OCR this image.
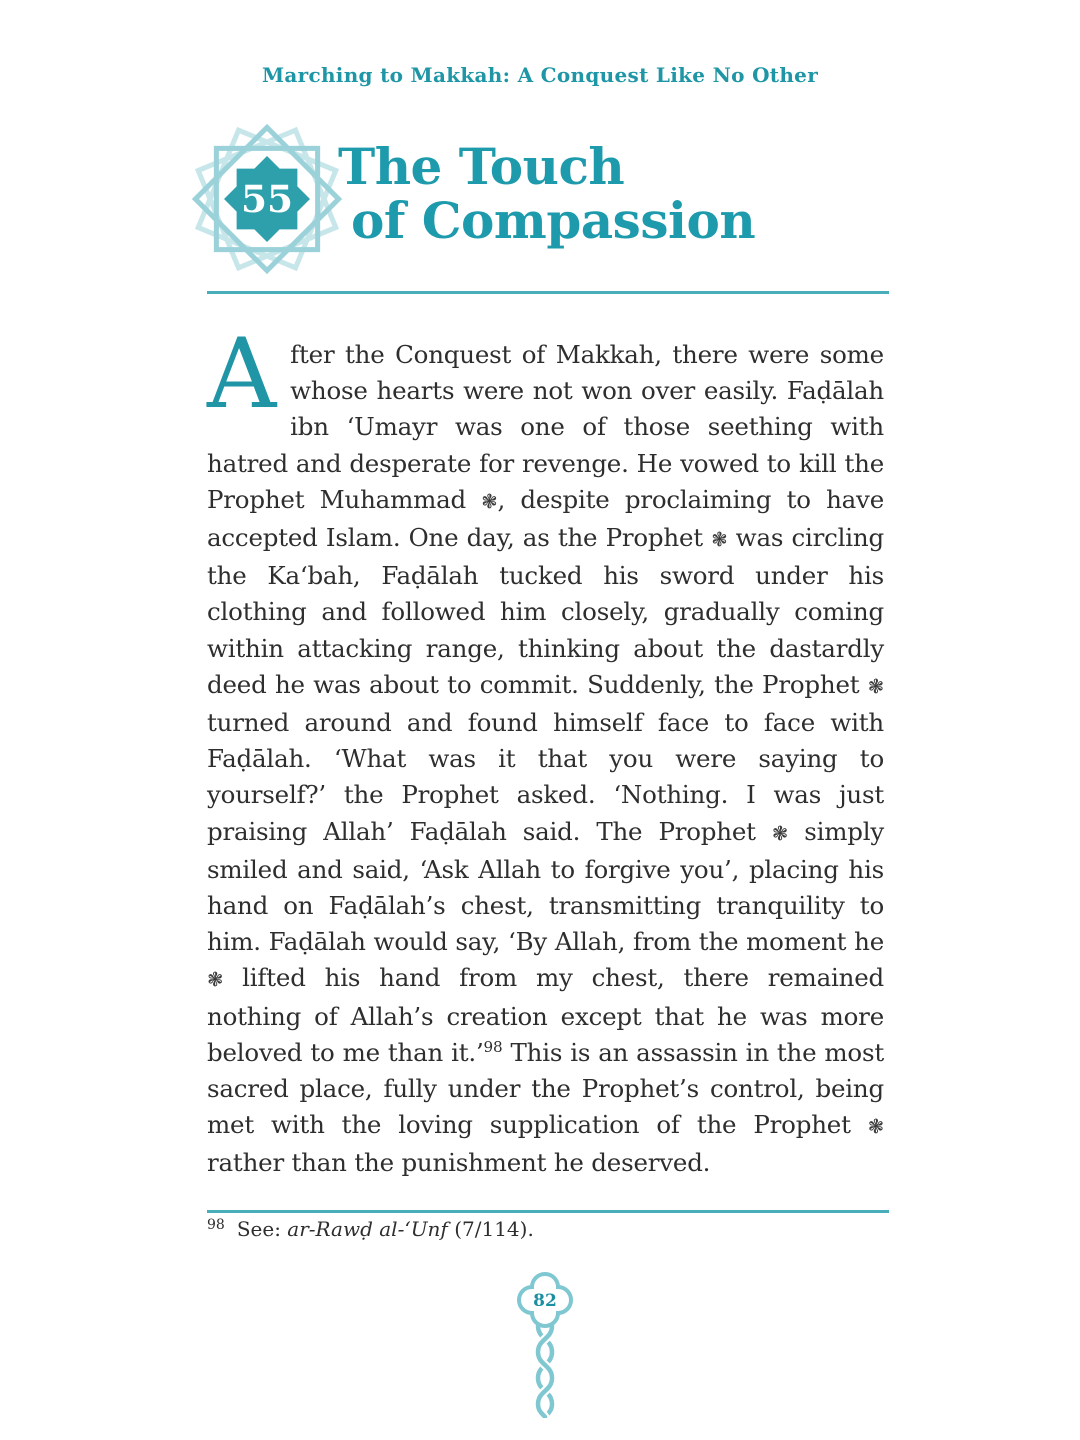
Marching to Makkah: A Conquest Like No Other
55
The Touch
of Compassion
A fter the Conquest of Makkah, there were some whose hearts were not won over easily. Faḍālah ibn ‘Umayr was one of those seething with hatred and desperate for revenge. He vowed to kill the Prophet Muhammad ❃, despite proclaiming to have accepted Islam. One day, as the Prophet ❃ was circling the Ka‘bah, Faḍālah tucked his sword under his clothing and followed him closely, gradually coming within attacking range, thinking about the dastardly deed he was about to commit. Suddenly, the Prophet ❃ turned around and found himself face to face with Faḍālah. ‘What was it that you were saying to yourself?’ the Prophet asked. ‘Nothing. I was just praising Allah’ Faḍālah said. The Prophet ❃ simply smiled and said, ‘Ask Allah to forgive you’, placing his hand on Faḍālah’s chest, transmitting tranquility to him. Faḍālah would say, ‘By Allah, from the moment he ❃ lifted his hand from my chest, there remained nothing of Allah’s creation except that he was more beloved to me than it.’$^{98}$ This is an assassin in the most sacred place, fully under the Prophet’s control, being met with the loving supplication of the Prophet ❃ rather than the punishment he deserved.
$^{98}$ See: ar-Rawḍ al-‘Unf (7/114).
82
